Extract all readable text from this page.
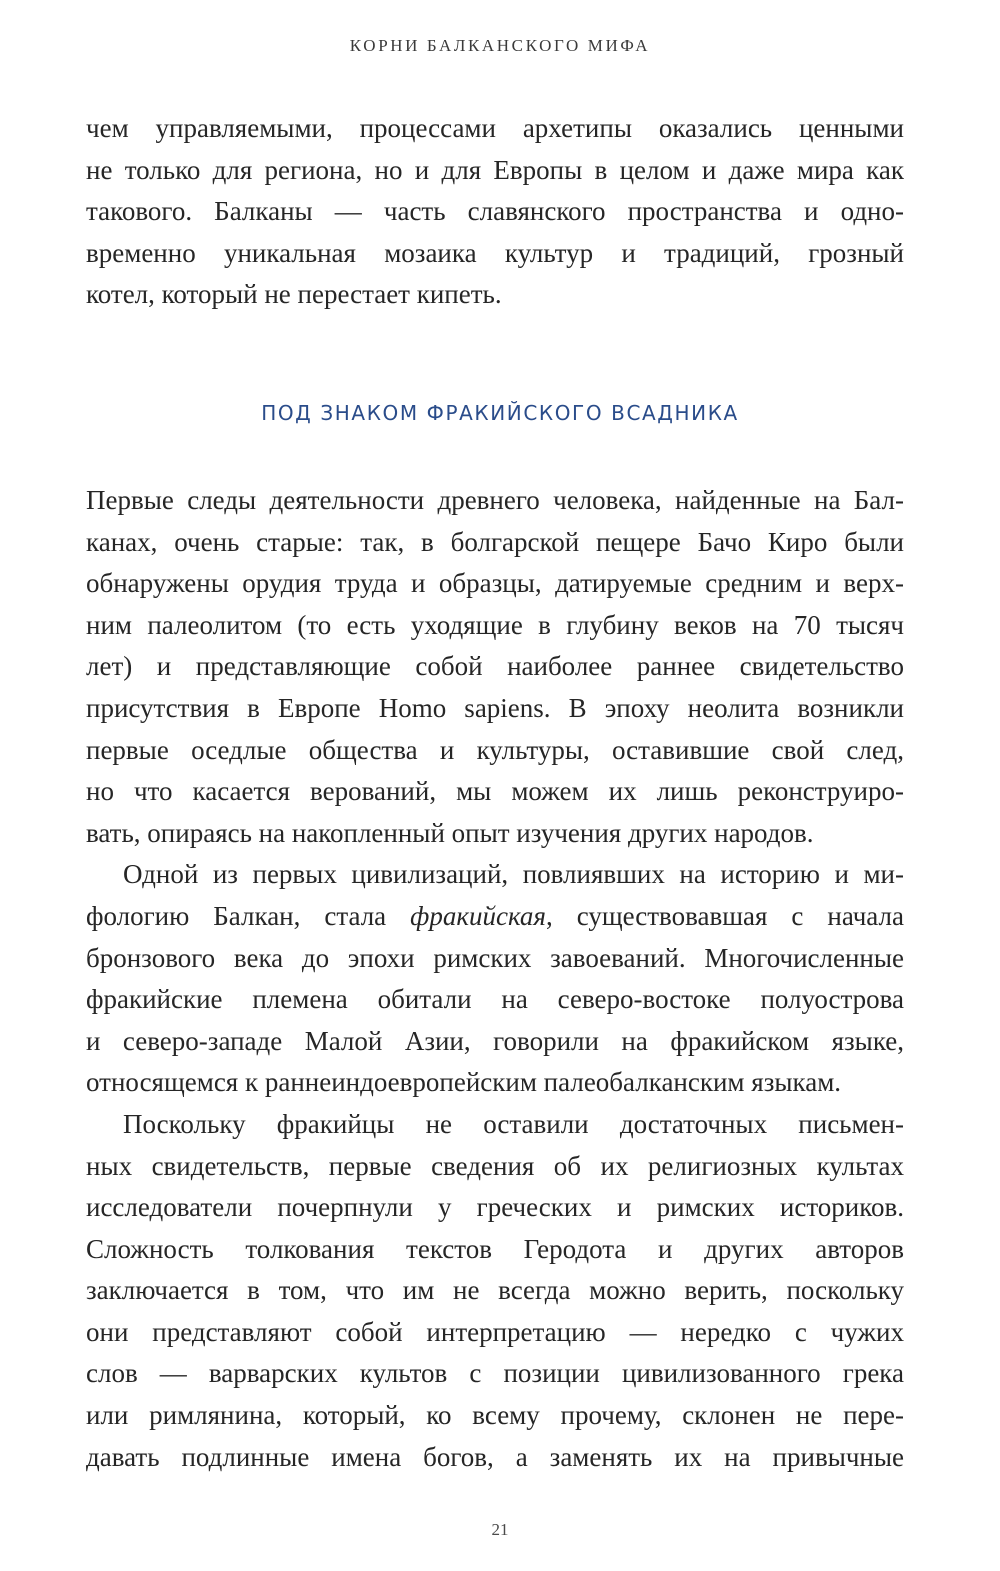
КОРНИ БАЛКАНСКОГО МИФА
чем управляемыми, процессами архетипы оказались ценными
не только для региона, но и для Европы в целом и даже мира как
такового. Балканы — часть славянского пространства и одно-
временно уникальная мозаика культур и традиций, грозный
котел, который не перестает кипеть.
ПОД ЗНАКОМ ФРАКИЙСКОГО ВСАДНИКА
Первые следы деятельности древнего человека, найденные на Бал-
канах, очень старые: так, в болгарской пещере Бачо Киро были
обнаружены орудия труда и образцы, датируемые средним и верх-
ним палеолитом (то есть уходящие в глубину веков на 70 тысяч
лет) и представляющие собой наиболее раннее свидетельство
присутствия в Европе Homo sapiens. В эпоху неолита возникли
первые оседлые общества и культуры, оставившие свой след,
но что касается верований, мы можем их лишь реконструиро-
вать, опираясь на накопленный опыт изучения других народов.
Одной из первых цивилизаций, повлиявших на историю и ми-
фологию Балкан, стала фракийская, существовавшая с начала
бронзового века до эпохи римских завоеваний. Многочисленные
фракийские племена обитали на северо-востоке полуострова
и северо-западе Малой Азии, говорили на фракийском языке,
относящемся к раннеиндоевропейским палеобалканским языкам.
Поскольку фракийцы не оставили достаточных письмен-
ных свидетельств, первые сведения об их религиозных культах
исследователи почерпнули у греческих и римских историков.
Сложность толкования текстов Геродота и других авторов
заключается в том, что им не всегда можно верить, поскольку
они представляют собой интерпретацию — нередко с чужих
слов — варварских культов с позиции цивилизованного грека
или римлянина, который, ко всему прочему, склонен не пере-
давать подлинные имена богов, а заменять их на привычные
21
